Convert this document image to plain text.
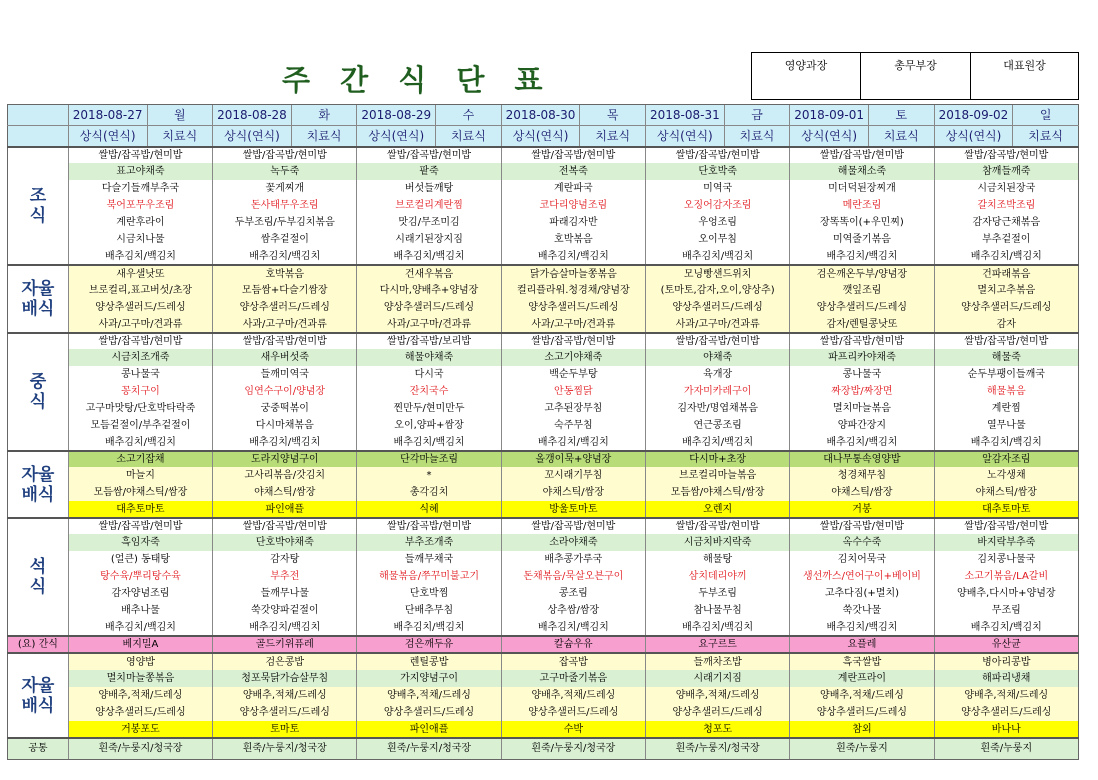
주 간 식 단 표	영양과장	총무부장	대표원장
	2018-08-27	월	2018-08-28	화	2018-08-29	수	2018-08-30	목	2018-08-31	금	2018-09-01	토	2018-09-02	일
	상식(연식)	치료식	상식(연식)	치료식	상식(연식)	치료식	상식(연식)	치료식	상식(연식)	치료식	상식(연식)	치료식	상식(연식)	치료식
조
식	쌀밥/잡곡밥/현미밥		쌀밥/잡곡밥/현미밥		쌀밥/잡곡밥/현미밥		쌀밥/잡곡밥/현미밥		쌀밥/잡곡밥/현미밥		쌀밥/잡곡밥/현미밥		쌀밥/잡곡밥/현미밥	
	표고야채죽		녹두죽		팥죽		전복죽		단호박죽		해물채소죽		참깨들깨죽	
	다슬기들깨부추국		꽃게찌개		버섯들깨탕		계란파국		미역국		미더덕된장찌개		시금치된장국	
	북어포무우조림		돈사태무우조림		브로컬리계란찜		코다리양념조림		오징어감자조림		메란조림		갈치조박조림	
	계란후라이		두부조림/두부김치볶음		맛김/무조미김		파래김자반		우엉조림		장똑똑이(+우민찌)		감자당근채볶음	
	시금치나물		쌈추겉절이		시래기된장지짐		호박볶음		오이무침		미역줄기볶음		부추겉절이	
	배추김치/백김치		배추김치/백김치		배추김치/백김치		배추김치/백김치		배추김치/백김치		배추김치/백김치		배추김치/백김치	
자율
배식	새우샐낫또		호박볶음		건새우볶음		닭가슴살마늘쫑볶음		모닝빵샌드위치		검은깨온두부/양념장		건파래볶음	
	브로컬리,표고버섯/초장		모듬쌈+다슬기쌈장		다시마,양배추+양념장		컬리플라워.청경채/양념장		(토마토,감자,오이,양상추)		깻잎조림		멸치고추볶음	
	양상추샐러드/드레싱		양상추샐러드/드레싱		양상추샐러드/드레싱		양상추샐러드/드레싱		양상추샐러드/드레싱		양상추샐러드/드레싱		양상추샐러드/드레싱	
	사과/고구마/견과류		사과/고구마/견과류		사과/고구마/견과류		사과/고구마/견과류		사과/고구마/견과류		감자/렌틸콩낫또		감자	
중
식	쌀밥/잡곡밥/현미밥		쌀밥/잡곡밥/현미밥		쌀밥/잡곡밥/보리밥		쌀밥/잡곡밥/현미밥		쌀밥/잡곡밥/현미밥		쌀밥/잡곡밥/현미밥		쌀밥/잡곡밥/현미밥	
	시금치조개죽		새우버섯죽		해물야채죽		소고기야채죽		야채죽		파프리카야채죽		해물죽	
	콩나물국		들깨미역국		다시국		백순두부탕		육개장		콩나물국		순두부팽이들깨국	
	꽁치구이		임연수구이/양념장		잔치국수		안동찜닭		가자미카레구이		짜장밥/짜장면		해물볶음	
	고구마맛탕/단호박타락죽		궁중떡볶이		찐만두/현미만두		고추된장무침		김자반/명엽채볶음		멸치마늘볶음		계란찜	
	모듬겉절이/부추겉절이		다시마채볶음		오이,양파+쌈장		숙주무침		연근콩조림		양파간장지		열무나물	
	배추김치/백김치		배추김치/백김치		배추김치/백김치		배추김치/백김치		배추김치/백김치		배추김치/백김치		배추김치/백김치	
자율
배식	소고기잡채		도라지양념구이		단각마늘조림		올갱이묵+양념장		다시마+초장		대나무통속영양밥		알감자조림	
	마늘지		고사리볶음/갓김치		*		꼬시래기무침		브로컬리마늘볶음		청경채무침		노각생채	
	모듬쌈/야채스틱/쌈장		야채스틱/쌈장		총각김치		야채스틱/쌈장		모듬쌈/야채스틱/쌈장		야채스틱/쌈장		야채스틱/쌈장	
	대추토마토		파인애플		식혜		방울토마토		오렌지		거봉		대추토마토	
석
식	쌀밥/잡곡밥/현미밥		쌀밥/잡곡밥/현미밥		쌀밥/잡곡밥/현미밥		쌀밥/잡곡밥/현미밥		쌀밥/잡곡밥/현미밥		쌀밥/잡곡밥/현미밥		쌀밥/잡곡밥/현미밥	
	흑임자죽		단호박야채죽		부추조개죽		소라야채죽		시금치바지락죽		옥수수죽		바지락부추죽	
	(얼큰) 동태탕		감자탕		들깨무채국		배추콩가루국		해물탕		김치어묵국		김치콩나물국	
	탕수육/뿌리탕수육		부추전		해물볶음/쭈꾸미불고기		돈채볶음/묵살오븐구이		삼치데리야끼		생선까스/연어구이+베이비		소고기볶음/LA갈비	
	감자양념조림		들깨무나물		단호박찜		콩조림		두부조림		고추다짐(+멸치)		양배추,다시마+양념장	
	배추나물		쑥갓양파겉절이		단배추무침		상추쌈/쌈장		참나물무침		쑥갓나물		무조림	
	배추김치/백김치		배추김치/백김치		배추김치/백김치		배추김치/백김치		배추김치/백김치		배추김치/백김치		배추김치/백김치	
(요) 간식	베지밀A		골드키위퓨레		검은깨두유		칼슘우유		요구르트		요플레		유산균	
자율
배식	영양밥		검은콩밥		렌틸콩밥		잡곡밥		들깨차조밥		흑국쌀밥		병아리콩밥	
	멸치마늘쫑볶음		청포묵닭가슴살무침		가지양념구이		고구마줄기볶음		시래기지짐		계란프라이		해파리냉채	
	양배추,적채/드레싱		양배추,적채/드레싱		양배추,적채/드레싱		양배추,적채/드레싱		양배추,적채/드레싱		양배추,적채/드레싱		양배추,적채/드레싱	
	양상추샐러드/드레싱		양상추샐러드/드레싱		양상추샐러드/드레싱		양상추샐러드/드레싱		양상추샐러드/드레싱		양상추샐러드/드레싱		양상추샐러드/드레싱	
	거봉포도		토마토		파인애플		수박		청포도		참외		바나나	
공통	흰죽/누룽지/청국장		흰죽/누룽지/청국장		흰죽/누룽지/청국장		흰죽/누룽지/청국장		흰죽/누룽지/청국장		흰죽/누룽지		흰죽/누룽지	
